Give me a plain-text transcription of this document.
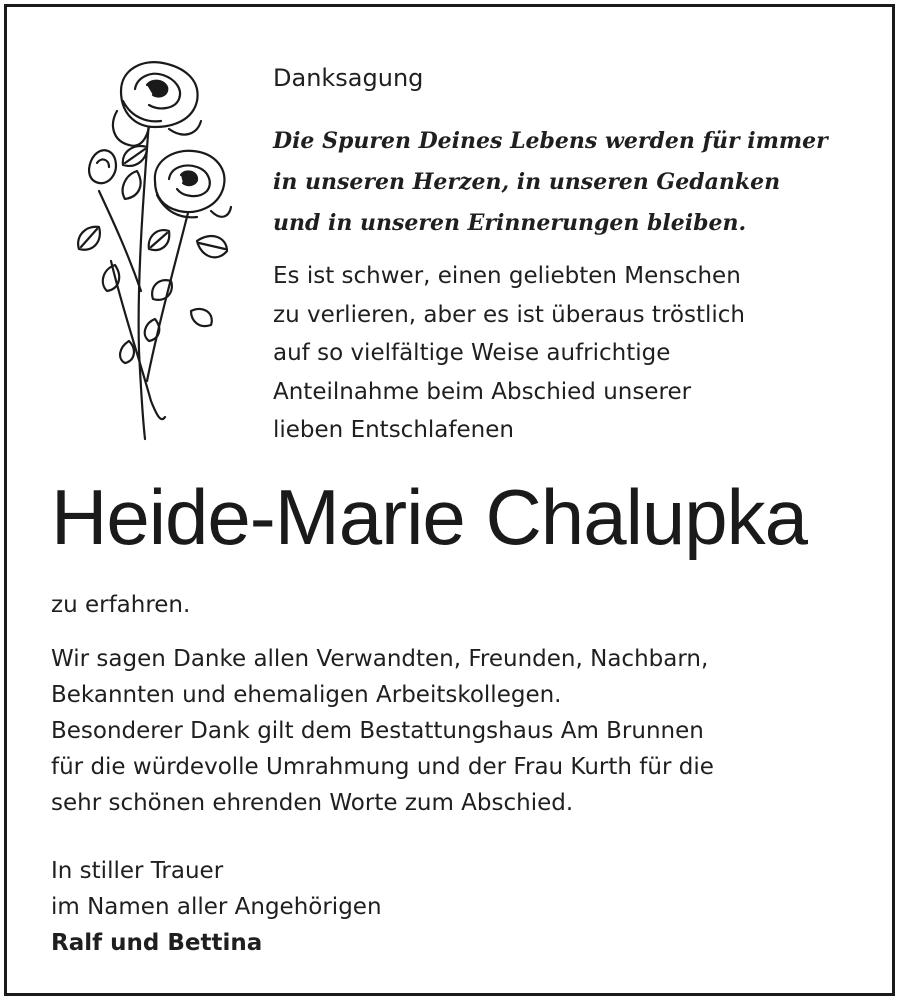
Danksagung
Die Spuren Deines Lebens werden für immer
in unseren Herzen, in unseren Gedanken
und in unseren Erinnerungen bleiben.
Es ist schwer, einen geliebten Menschen
zu verlieren, aber es ist überaus tröstlich
auf so vielfältige Weise aufrichtige
Anteilnahme beim Abschied unserer
lieben Entschlafenen
Heide-Marie Chalupka
zu erfahren.
Wir sagen Danke allen Verwandten, Freunden, Nachbarn,
Bekannten und ehemaligen Arbeitskollegen.
Besonderer Dank gilt dem Bestattungshaus Am Brunnen
für die würdevolle Umrahmung und der Frau Kurth für die
sehr schönen ehrenden Worte zum Abschied.
In stiller Trauer
im Namen aller Angehörigen
Ralf und Bettina
